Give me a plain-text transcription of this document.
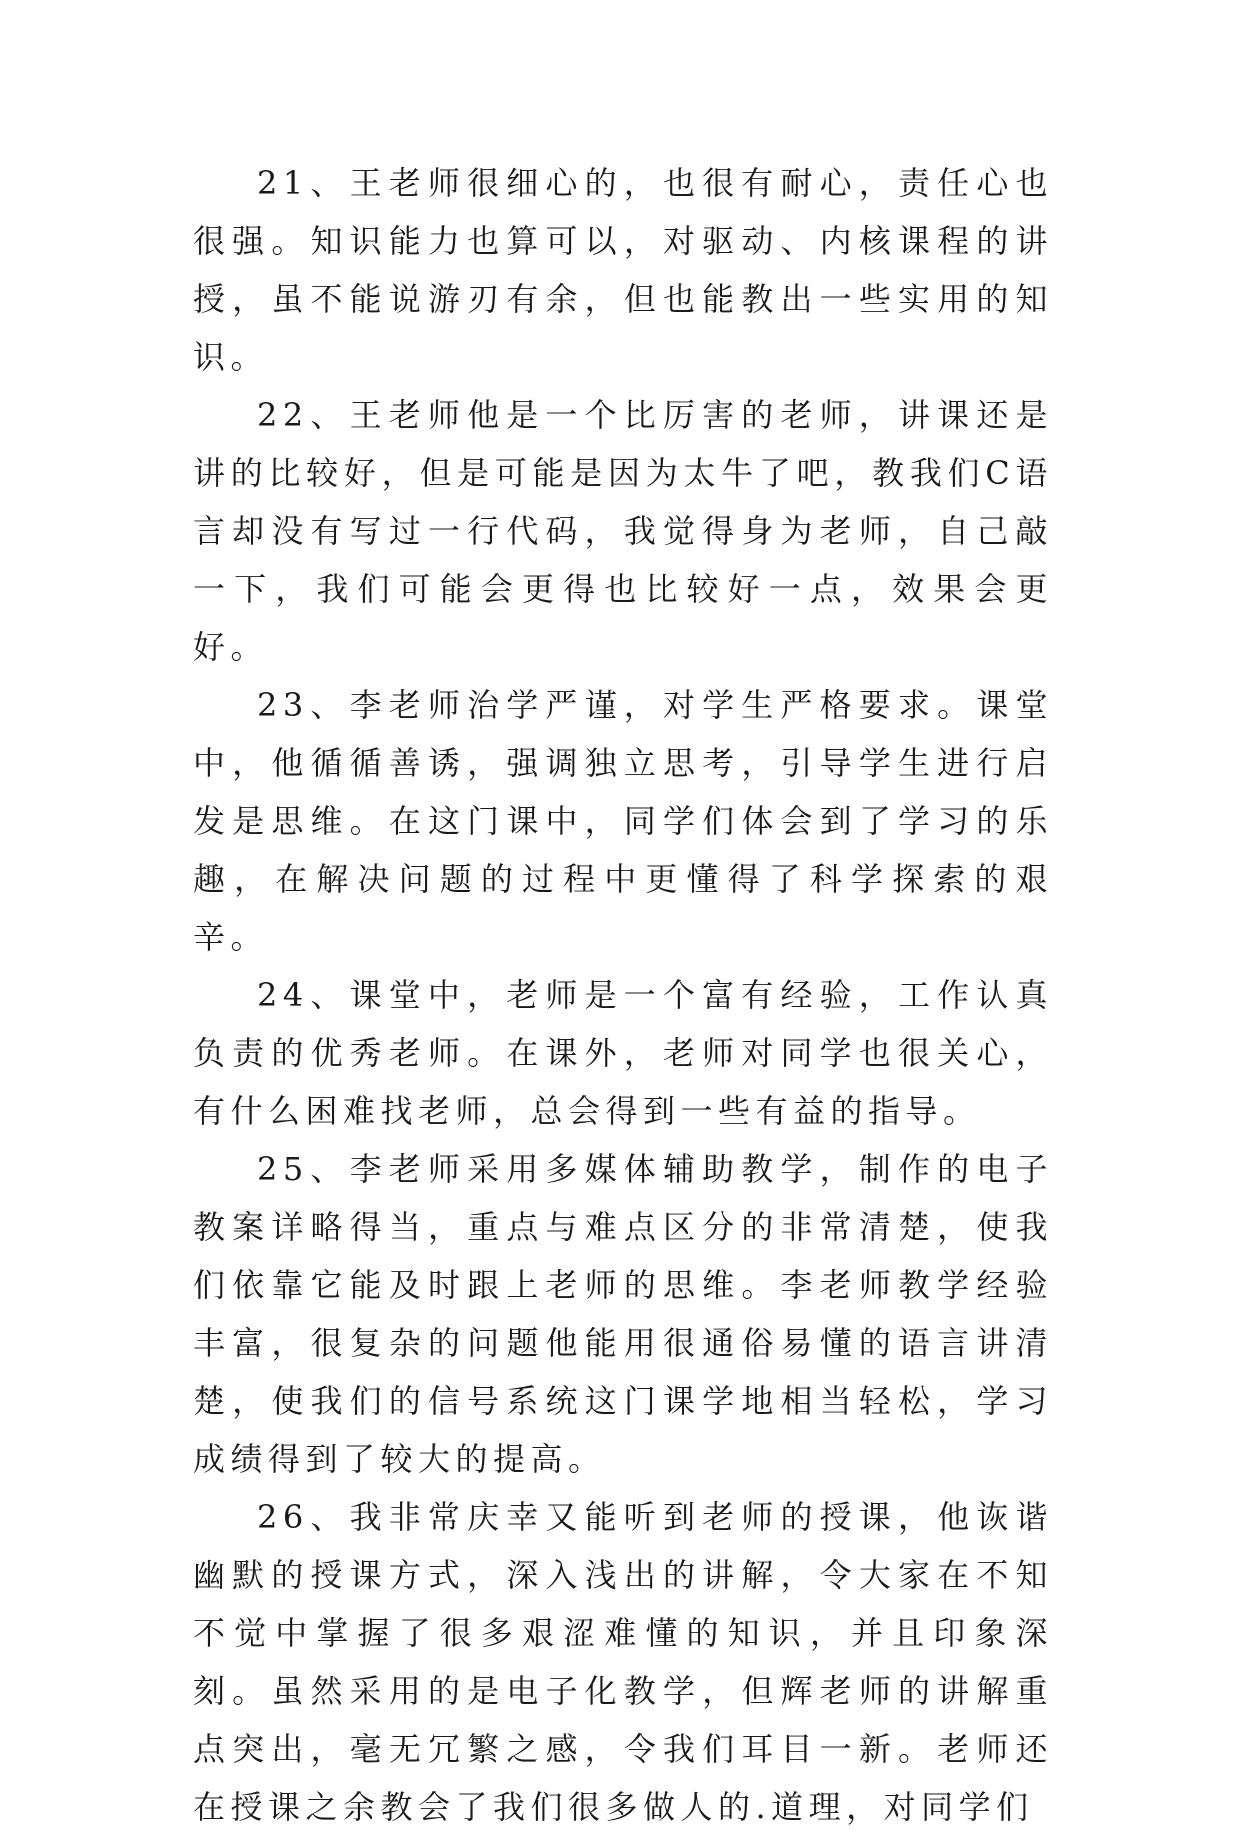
21、王老师很细心的，也很有耐心，责任心也很强。知识能力也算可以，对驱动、内核课程的讲授，虽不能说游刃有余，但也能教出一些实用的知识。

22、王老师他是一个比厉害的老师，讲课还是讲的比较好，但是可能是因为太牛了吧，教我们C语言却没有写过一行代码，我觉得身为老师，自己敲一下，我们可能会更得也比较好一点，效果会更好。

23、李老师治学严谨，对学生严格要求。课堂中，他循循善诱，强调独立思考，引导学生进行启发是思维。在这门课中，同学们体会到了学习的乐趣，在解决问题的过程中更懂得了科学探索的艰辛。

24、课堂中，老师是一个富有经验，工作认真负责的优秀老师。在课外，老师对同学也很关心，有什么困难找老师，总会得到一些有益的指导。

25、李老师采用多媒体辅助教学，制作的电子教案详略得当，重点与难点区分的非常清楚，使我们依靠它能及时跟上老师的思维。李老师教学经验丰富，很复杂的问题他能用很通俗易懂的语言讲清楚，使我们的信号系统这门课学地相当轻松，学习成绩得到了较大的提高。

26、我非常庆幸又能听到老师的授课，他诙谐幽默的授课方式，深入浅出的讲解，令大家在不知不觉中掌握了很多艰涩难懂的知识，并且印象深刻。虽然采用的是电子化教学，但辉老师的讲解重点突出，毫无冗繁之感，令我们耳目一新。老师还在授课之余教会了我们很多做人的.道理，对同学们
